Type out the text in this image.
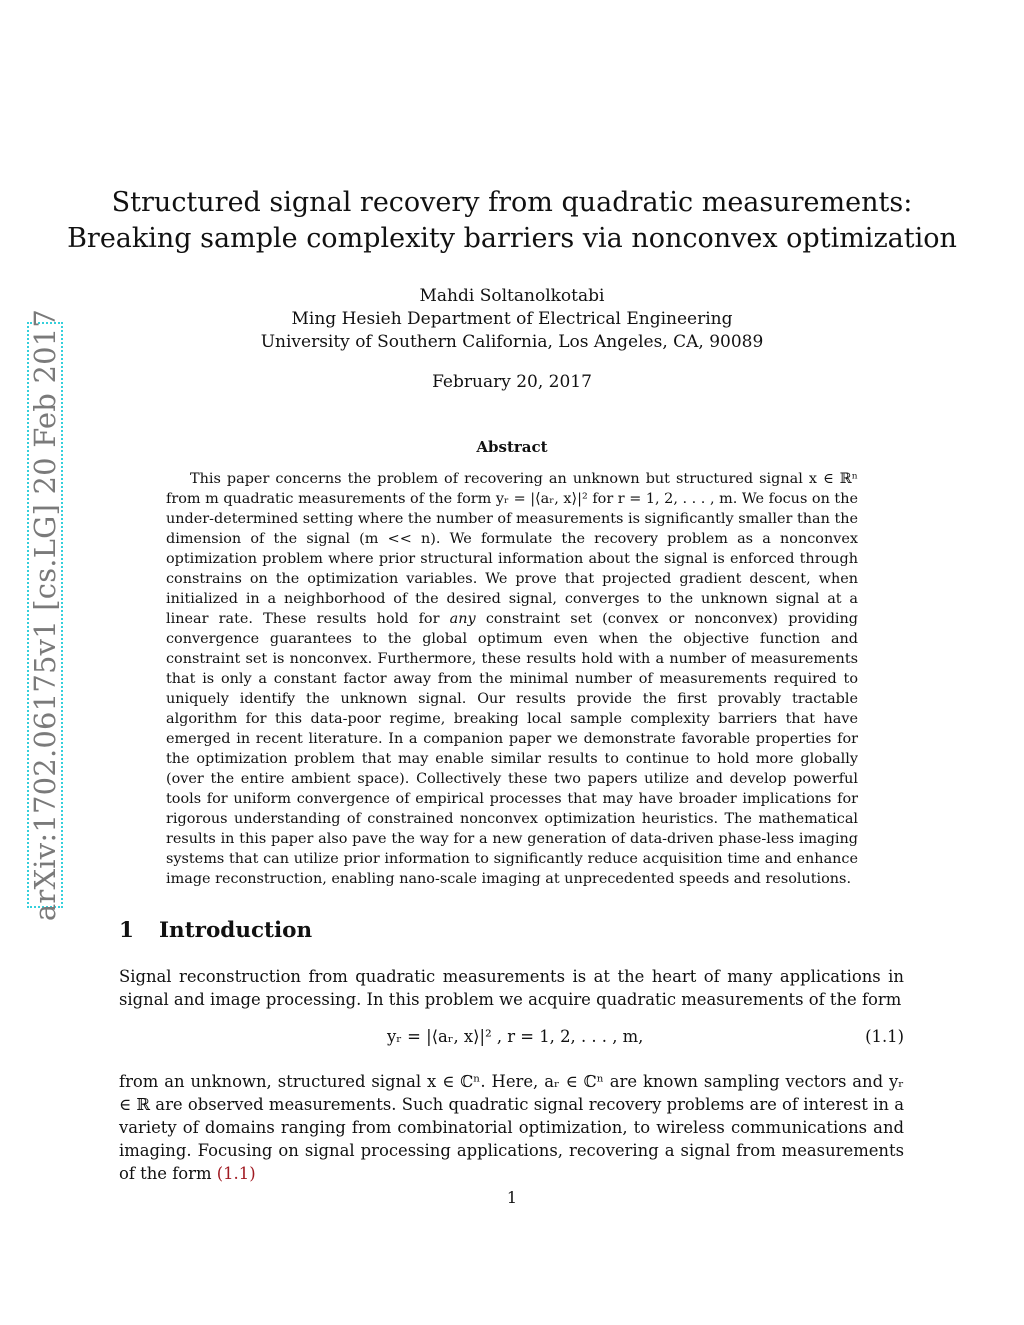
arXiv:1702.06175v1 [cs.LG] 20 Feb 2017
Structured signal recovery from quadratic measurements:
Breaking sample complexity barriers via nonconvex optimization
Mahdi Soltanolkotabi
Ming Hesieh Department of Electrical Engineering
University of Southern California, Los Angeles, CA, 90089
February 20, 2017
Abstract

This paper concerns the problem of recovering an unknown but structured signal x ∈ ℝⁿ from m quadratic measurements of the form yᵣ = |⟨aᵣ, x⟩|² for r = 1, 2, . . . , m. We focus on the under-determined setting where the number of measurements is significantly smaller than the dimension of the signal (m << n). We formulate the recovery problem as a nonconvex optimization problem where prior structural information about the signal is enforced through constrains on the optimization variables. We prove that projected gradient descent, when initialized in a neighborhood of the desired signal, converges to the unknown signal at a linear rate. These results hold for any constraint set (convex or nonconvex) providing convergence guarantees to the global optimum even when the objective function and constraint set is nonconvex. Furthermore, these results hold with a number of measurements that is only a constant factor away from the minimal number of measurements required to uniquely identify the unknown signal. Our results provide the first provably tractable algorithm for this data-poor regime, breaking local sample complexity barriers that have emerged in recent literature. In a companion paper we demonstrate favorable properties for the optimization problem that may enable similar results to continue to hold more globally (over the entire ambient space). Collectively these two papers utilize and develop powerful tools for uniform convergence of empirical processes that may have broader implications for rigorous understanding of constrained nonconvex optimization heuristics. The mathematical results in this paper also pave the way for a new generation of data-driven phase-less imaging systems that can utilize prior information to significantly reduce acquisition time and enhance image reconstruction, enabling nano-scale imaging at unprecedented speeds and resolutions.

1 Introduction

Signal reconstruction from quadratic measurements is at the heart of many applications in signal and image processing. In this problem we acquire quadratic measurements of the form

yᵣ = |⟨aᵣ, x⟩|² , r = 1, 2, . . . , m,	(1.1)

from an unknown, structured signal x ∈ ℂⁿ. Here, aᵣ ∈ ℂⁿ are known sampling vectors and yᵣ ∈ ℝ are observed measurements. Such quadratic signal recovery problems are of interest in a variety of domains ranging from combinatorial optimization, to wireless communications and imaging. Focusing on signal processing applications, recovering a signal from measurements of the form (1.1)

1
